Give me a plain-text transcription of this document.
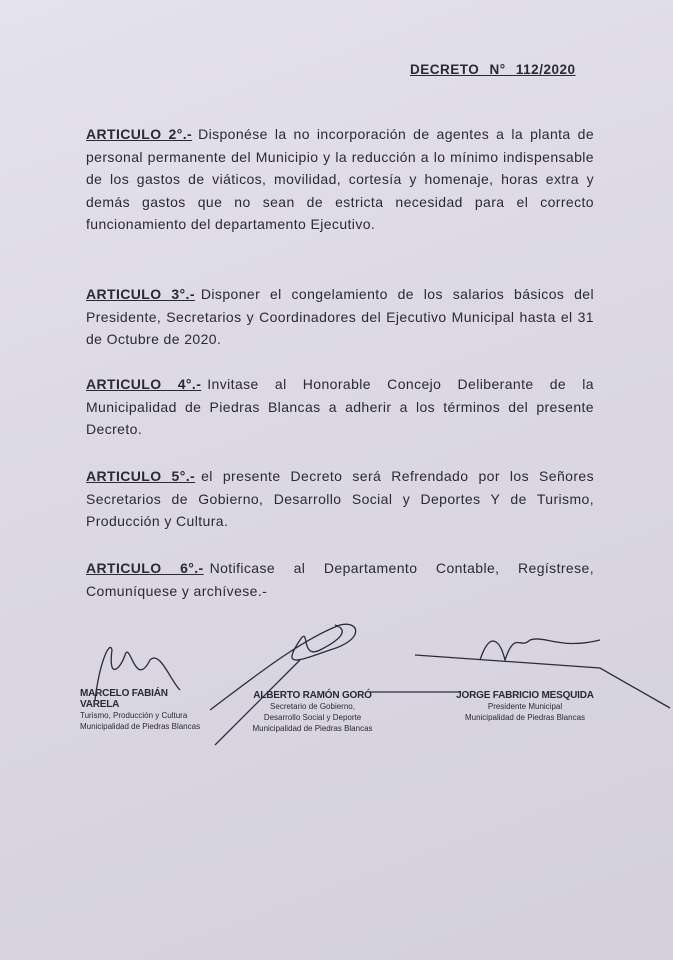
DECRETO N° 112/2020
ARTICULO 2°.- Disponése la no incorporación de agentes a la planta de personal permanente del Municipio y la reducción a lo mínimo indispensable de los gastos de viáticos, movilidad, cortesía y homenaje, horas extra y demás gastos que no sean de estricta necesidad para el correcto funcionamiento del departamento Ejecutivo.
ARTICULO 3°.- Disponer el congelamiento de los salarios básicos del Presidente, Secretarios y Coordinadores del Ejecutivo Municipal hasta el 31 de Octubre de 2020.
ARTICULO 4°.- Invitase al Honorable Concejo Deliberante de la Municipalidad de Piedras Blancas a adherir a los términos del presente Decreto.
ARTICULO 5°.- el presente Decreto será Refrendado por los Señores Secretarios de Gobierno, Desarrollo Social y Deportes Y de Turismo, Producción y Cultura.
ARTICULO 6°.- Notificase al Departamento Contable, Regístrese, Comuníquese y archívese.-
MARCELO FABIÁN VARELA
Turismo, Producción y Cultura
Municipalidad de Piedras Blancas
ALBERTO RAMÓN GORÓ
Secretario de Gobierno,
Desarrollo Social y Deporte
Municipalidad de Piedras Blancas
JORGE FABRICIO MESQUIDA
Presidente Municipal
Municipalidad de Piedras Blancas
